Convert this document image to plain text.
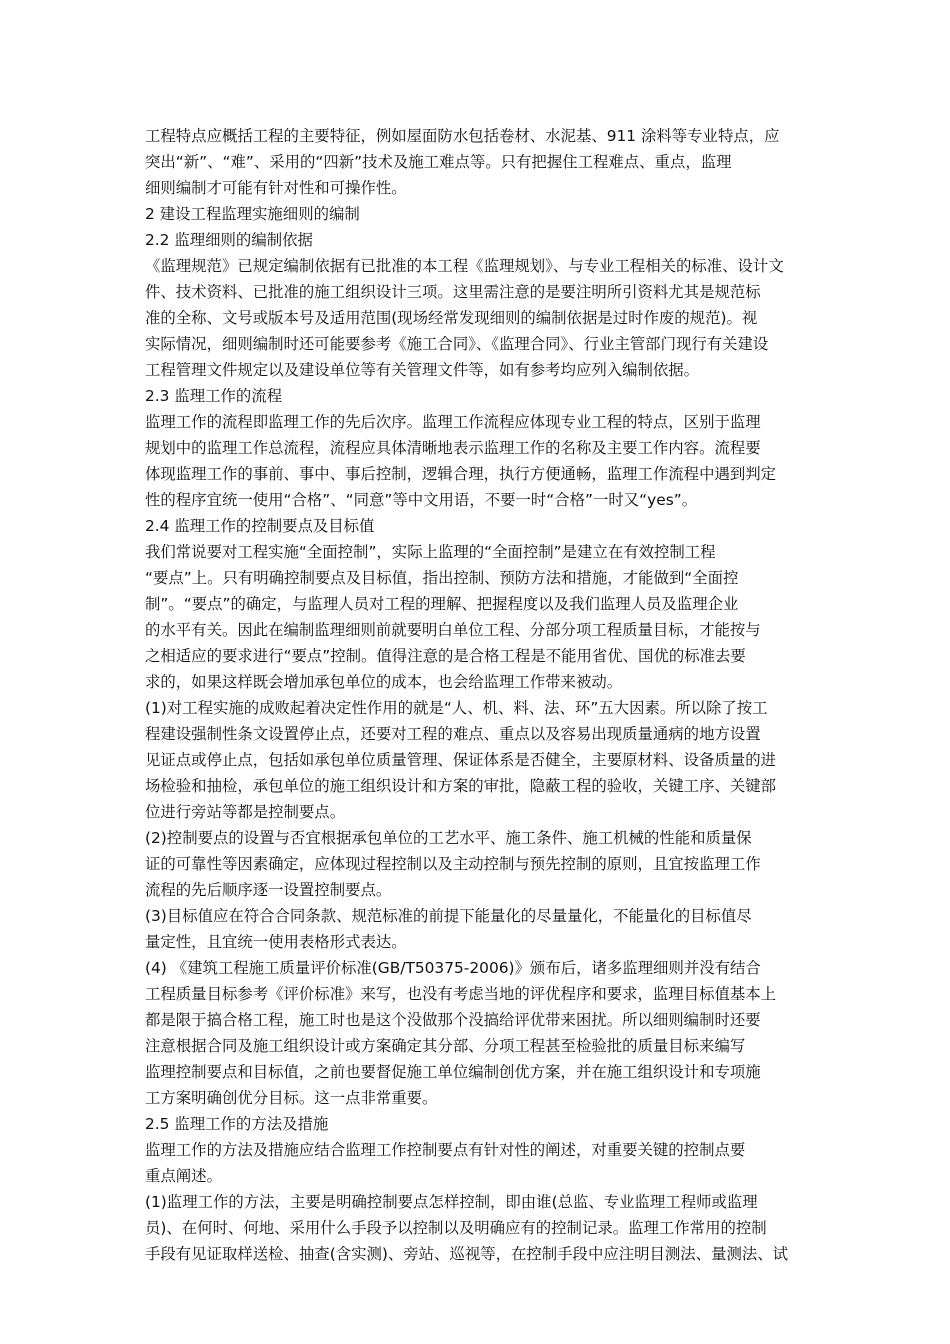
工程特点应概括工程的主要特征，例如屋面防水包括卷材、水泥基、911 涂料等专业特点，应
突出“新”、“难”、采用的“四新”技术及施工难点等。只有把握住工程难点、重点，监理
细则编制才可能有针对性和可操作性。
2 建设工程监理实施细则的编制
2.2 监理细则的编制依据
《监理规范》已规定编制依据有已批准的本工程《监理规划》、与专业工程相关的标准、设计文
件、技术资料、已批准的施工组织设计三项。这里需注意的是要注明所引资料尤其是规范标
准的全称、文号或版本号及适用范围(现场经常发现细则的编制依据是过时作废的规范)。视
实际情况，细则编制时还可能要参考《施工合同》、《监理合同》、行业主管部门现行有关建设
工程管理文件规定以及建设单位等有关管理文件等，如有参考均应列入编制依据。
2.3 监理工作的流程
监理工作的流程即监理工作的先后次序。监理工作流程应体现专业工程的特点，区别于监理
规划中的监理工作总流程，流程应具体清晰地表示监理工作的名称及主要工作内容。流程要
体现监理工作的事前、事中、事后控制，逻辑合理，执行方便通畅，监理工作流程中遇到判定
性的程序宜统一使用“合格”、“同意”等中文用语，不要一时“合格”一时又“yes”。
2.4 监理工作的控制要点及目标值
我们常说要对工程实施“全面控制”，实际上监理的“全面控制”是建立在有效控制工程
“要点”上。只有明确控制要点及目标值，指出控制、预防方法和措施，才能做到“全面控
制”。“要点”的确定，与监理人员对工程的理解、把握程度以及我们监理人员及监理企业
的水平有关。因此在编制监理细则前就要明白单位工程、分部分项工程质量目标，才能按与
之相适应的要求进行“要点”控制。值得注意的是合格工程是不能用省优、国优的标准去要
求的，如果这样既会增加承包单位的成本，也会给监理工作带来被动。
(1)对工程实施的成败起着决定性作用的就是“人、机、料、法、环”五大因素。所以除了按工
程建设强制性条文设置停止点，还要对工程的难点、重点以及容易出现质量通病的地方设置
见证点或停止点，包括如承包单位质量管理、保证体系是否健全，主要原材料、设备质量的进
场检验和抽检，承包单位的施工组织设计和方案的审批，隐蔽工程的验收，关键工序、关键部
位进行旁站等都是控制要点。
(2)控制要点的设置与否宜根据承包单位的工艺水平、施工条件、施工机械的性能和质量保
证的可靠性等因素确定，应体现过程控制以及主动控制与预先控制的原则，且宜按监理工作
流程的先后顺序逐一设置控制要点。
(3)目标值应在符合合同条款、规范标准的前提下能量化的尽量量化，不能量化的目标值尽
量定性，且宜统一使用表格形式表达。
(4) 《建筑工程施工质量评价标准(GB/T50375-2006)》颁布后，诸多监理细则并没有结合
工程质量目标参考《评价标准》来写，也没有考虑当地的评优程序和要求，监理目标值基本上
都是限于搞合格工程，施工时也是这个没做那个没搞给评优带来困扰。所以细则编制时还要
注意根据合同及施工组织设计或方案确定其分部、分项工程甚至检验批的质量目标来编写
监理控制要点和目标值，之前也要督促施工单位编制创优方案，并在施工组织设计和专项施
工方案明确创优分目标。这一点非常重要。
2.5 监理工作的方法及措施
监理工作的方法及措施应结合监理工作控制要点有针对性的阐述，对重要关键的控制点要
重点阐述。
(1)监理工作的方法，主要是明确控制要点怎样控制，即由谁(总监、专业监理工程师或监理
员)、在何时、何地、采用什么手段予以控制以及明确应有的控制记录。监理工作常用的控制
手段有见证取样送检、抽查(含实测)、旁站、巡视等，在控制手段中应注明目测法、量测法、试
